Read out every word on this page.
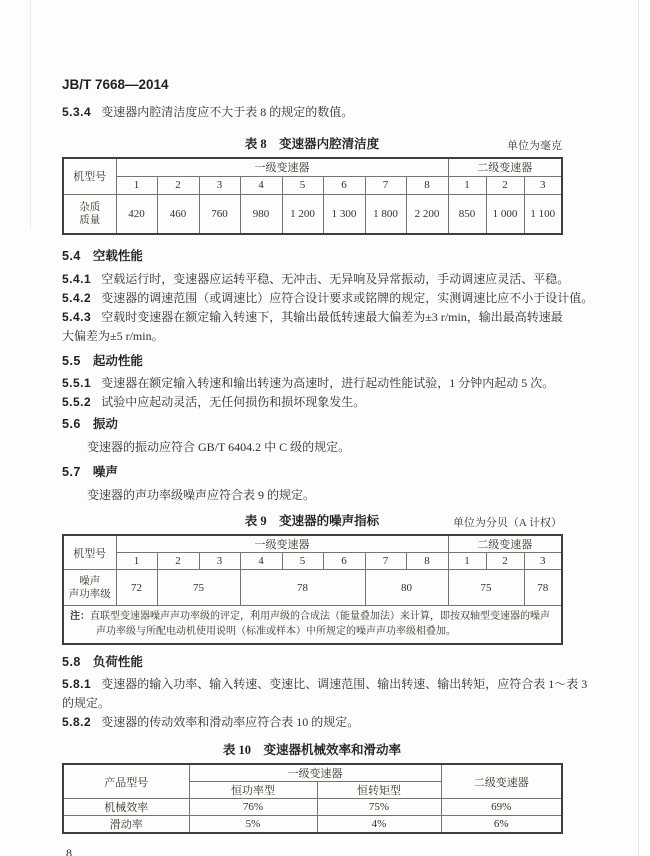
JB/T 7668—2014

5.3.4 变速器内腔清洁度应不大于表 8 的规定的数值。

表 8　变速器内腔清洁度	单位为毫克
机型号	一级变速器								二级变速器		
	1	2	3	4	5	6	7	8	1	2	3

杂质
质量	420	460	760	980	1 200	1 300	1 800	2 200	850	1 000	1 100

5.4 空载性能

5.4.1 空载运行时，变速器应运转平稳、无冲击、无异响及异常振动，手动调速应灵活、平稳。

5.4.2 变速器的调速范围（或调速比）应符合设计要求或铭牌的规定，实测调速比应不小于设计值。

5.4.3 空载时变速器在额定输入转速下，其输出最低转速最大偏差为±3 r/min，输出最高转速最
大偏差为±5 r/min。

5.5 起动性能

5.5.1 变速器在额定输入转速和输出转速为高速时，进行起动性能试验，1 分钟内起动 5 次。

5.5.2 试验中应起动灵活，无任何损伤和损坏现象发生。

5.6 振动

变速器的振动应符合 GB/T 6404.2 中 C 级的规定。

5.7 噪声

变速器的声功率级噪声应符合表 9 的规定。

表 9　变速器的噪声指标	单位为分贝（A 计权）
机型号	一级变速器								二级变速器		
	1	2	3	4	5	6	7	8	1	2	3

噪声
声功率级	72	75		78			80		75		78

注：直联型变速器噪声声功率级的评定，利用声级的合成法（能量叠加法）来计算，即按双轴型变速器的噪声
声功率级与所配电动机使用说明（标准或样本）中所规定的噪声声功率级相叠加。											

5.8 负荷性能

5.8.1 变速器的输入功率、输入转速、变速比、调速范围、输出转速、输出转矩，应符合表 1～表 3
的规定。

5.8.2 变速器的传动效率和滑动率应符合表 10 的规定。

表 10　变速器机械效率和滑动率
产品型号	一级变速器		二级变速器
	恒功率型	恒转矩型	
机械效率	76%	75%	69%
滑动率	5%	4%	6%
8
